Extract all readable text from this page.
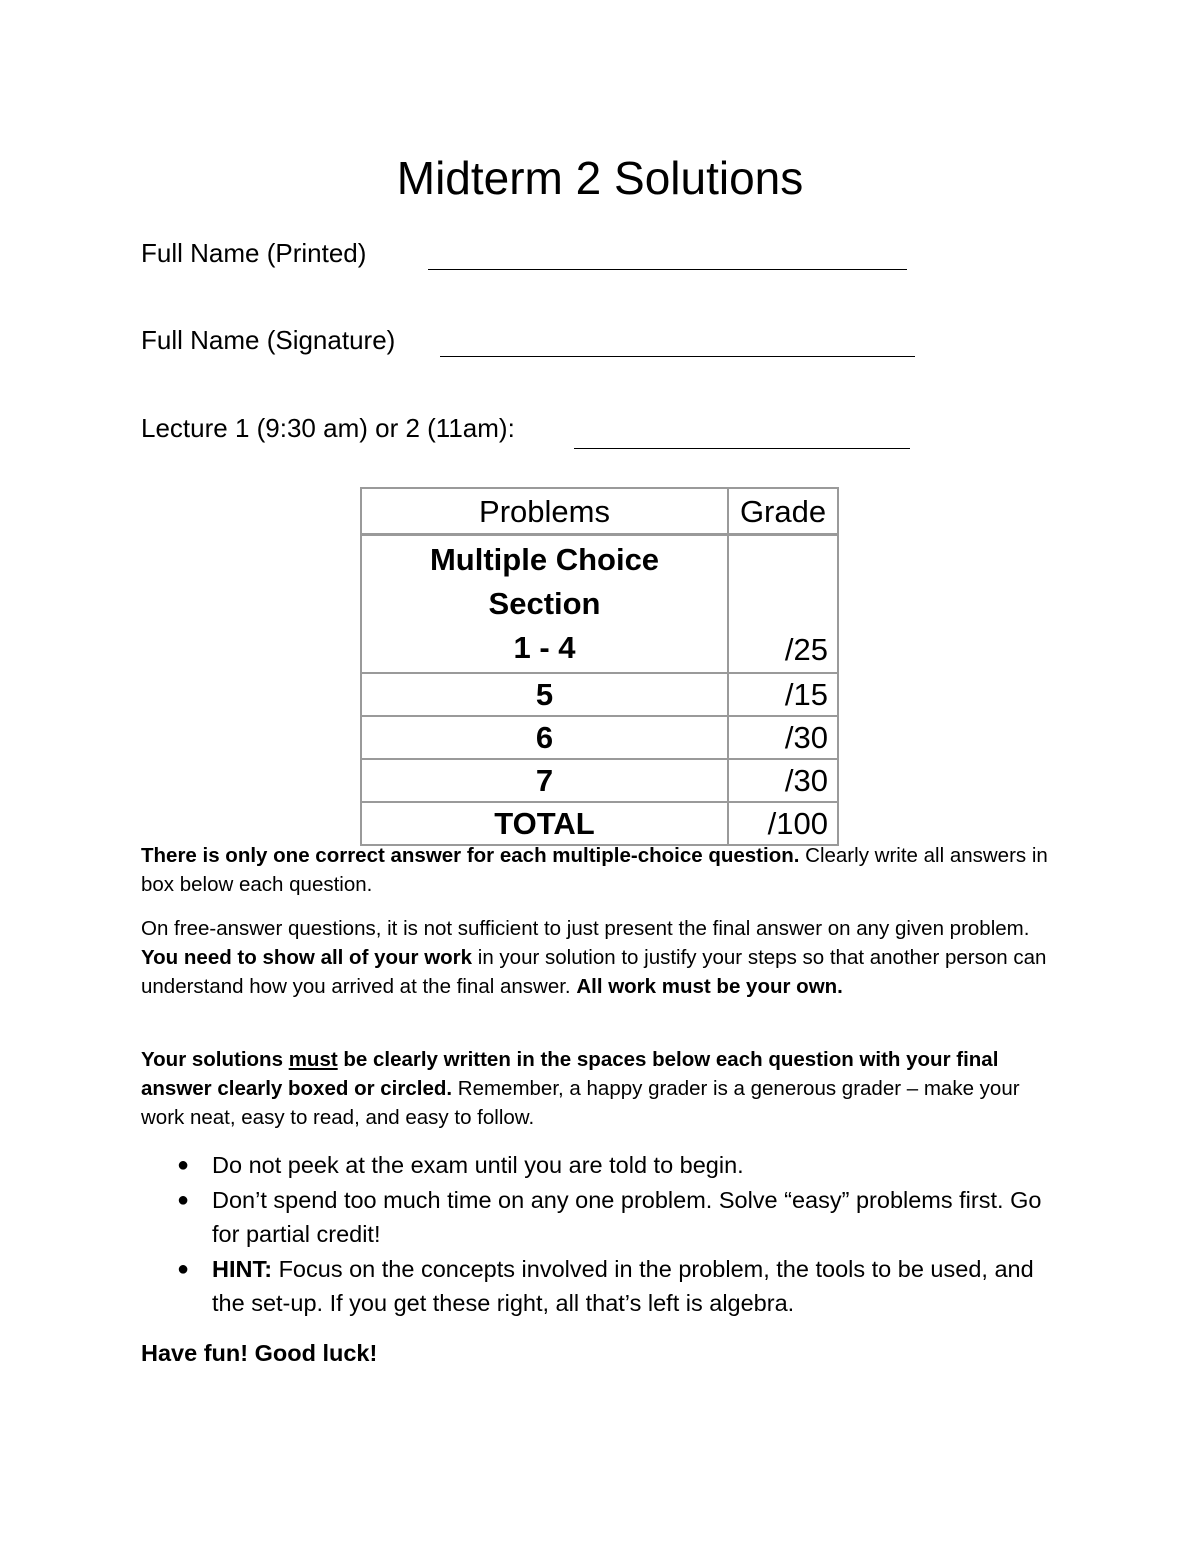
Midterm 2 Solutions
Full Name (Printed)
Full Name (Signature)
Lecture 1 (9:30 am) or 2 (11am):
Problems	Grade

Multiple Choice Section
1 - 4	/25
5	/15
6	/30
7	/30
TOTAL	/100
There is only one correct answer for each multiple-choice question. Clearly write all answers in box below each question.
On free-answer questions, it is not sufficient to just present the final answer on any given problem. You need to show all of your work in your solution to justify your steps so that another person can understand how you arrived at the final answer. All work must be your own.
Your solutions must be clearly written in the spaces below each question with your final answer clearly boxed or circled. Remember, a happy grader is a generous grader – make your work neat, easy to read, and easy to follow.
● Do not peek at the exam until you are told to begin.
● Don’t spend too much time on any one problem. Solve “easy” problems first. Go for partial credit!
● HINT: Focus on the concepts involved in the problem, the tools to be used, and the set-up. If you get these right, all that’s left is algebra.
Have fun! Good luck!
